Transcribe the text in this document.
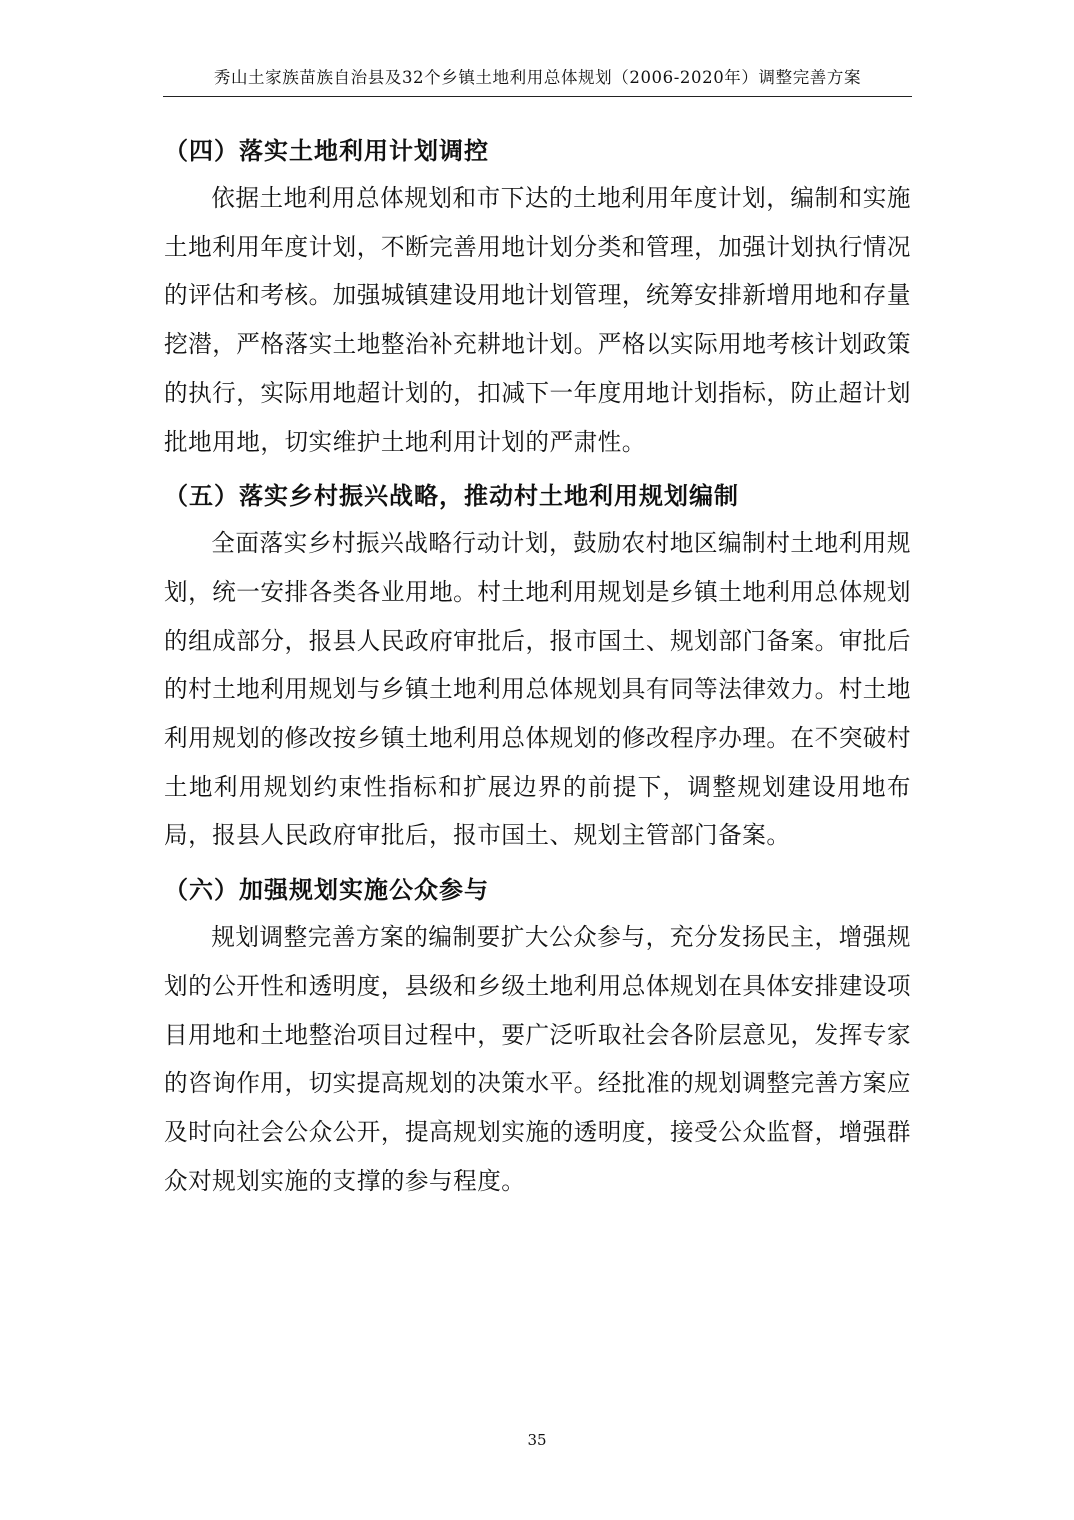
秀山土家族苗族自治县及32个乡镇土地利用总体规划（2006-2020年）调整完善方案
（四）落实土地利用计划调控

依据土地利用总体规划和市下达的土地利用年度计划，编制和实施土地利用年度计划，不断完善用地计划分类和管理，加强计划执行情况的评估和考核。加强城镇建设用地计划管理，统筹安排新增用地和存量挖潜，严格落实土地整治补充耕地计划。严格以实际用地考核计划政策的执行，实际用地超计划的，扣减下一年度用地计划指标，防止超计划批地用地，切实维护土地利用计划的严肃性。

（五）落实乡村振兴战略，推动村土地利用规划编制

全面落实乡村振兴战略行动计划，鼓励农村地区编制村土地利用规划，统一安排各类各业用地。村土地利用规划是乡镇土地利用总体规划的组成部分，报县人民政府审批后，报市国土、规划部门备案。审批后的村土地利用规划与乡镇土地利用总体规划具有同等法律效力。村土地利用规划的修改按乡镇土地利用总体规划的修改程序办理。在不突破村土地利用规划约束性指标和扩展边界的前提下，调整规划建设用地布局，报县人民政府审批后，报市国土、规划主管部门备案。

（六）加强规划实施公众参与

规划调整完善方案的编制要扩大公众参与，充分发扬民主，增强规划的公开性和透明度，县级和乡级土地利用总体规划在具体安排建设项目用地和土地整治项目过程中，要广泛听取社会各阶层意见，发挥专家的咨询作用，切实提高规划的决策水平。经批准的规划调整完善方案应及时向社会公众公开，提高规划实施的透明度，接受公众监督，增强群众对规划实施的支撑的参与程度。

35
